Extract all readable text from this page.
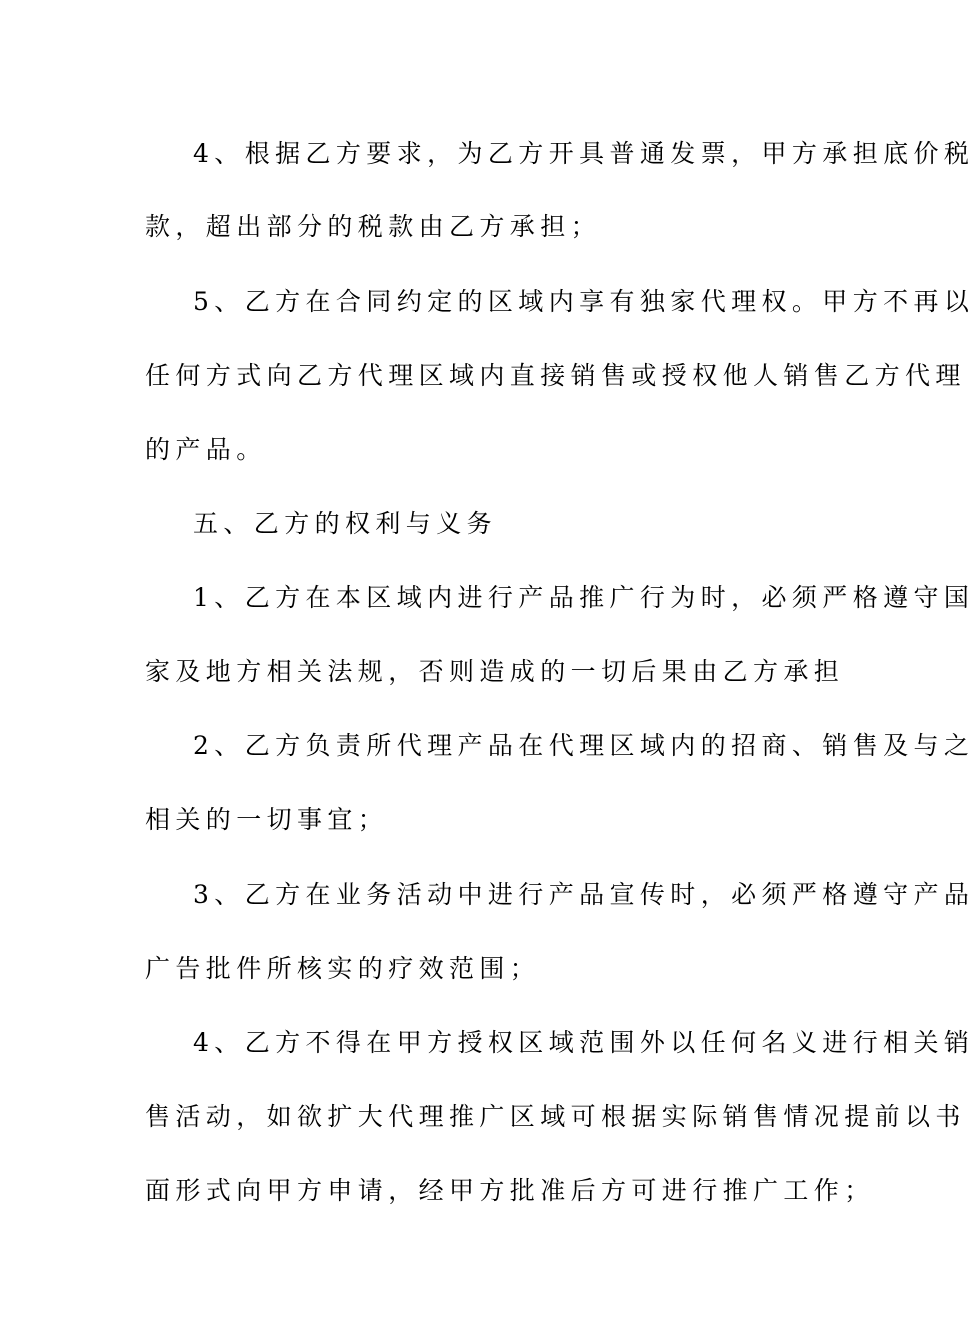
4、根据乙方要求，为乙方开具普通发票，甲方承担底价税
款，超出部分的税款由乙方承担；
5、乙方在合同约定的区域内享有独家代理权。甲方不再以
任何方式向乙方代理区域内直接销售或授权他人销售乙方代理
的产品。
五、乙方的权利与义务
1、乙方在本区域内进行产品推广行为时，必须严格遵守国
家及地方相关法规，否则造成的一切后果由乙方承担
2、乙方负责所代理产品在代理区域内的招商、销售及与之
相关的一切事宜；
3、乙方在业务活动中进行产品宣传时，必须严格遵守产品
广告批件所核实的疗效范围；
4、乙方不得在甲方授权区域范围外以任何名义进行相关销
售活动，如欲扩大代理推广区域可根据实际销售情况提前以书
面形式向甲方申请，经甲方批准后方可进行推广工作；
